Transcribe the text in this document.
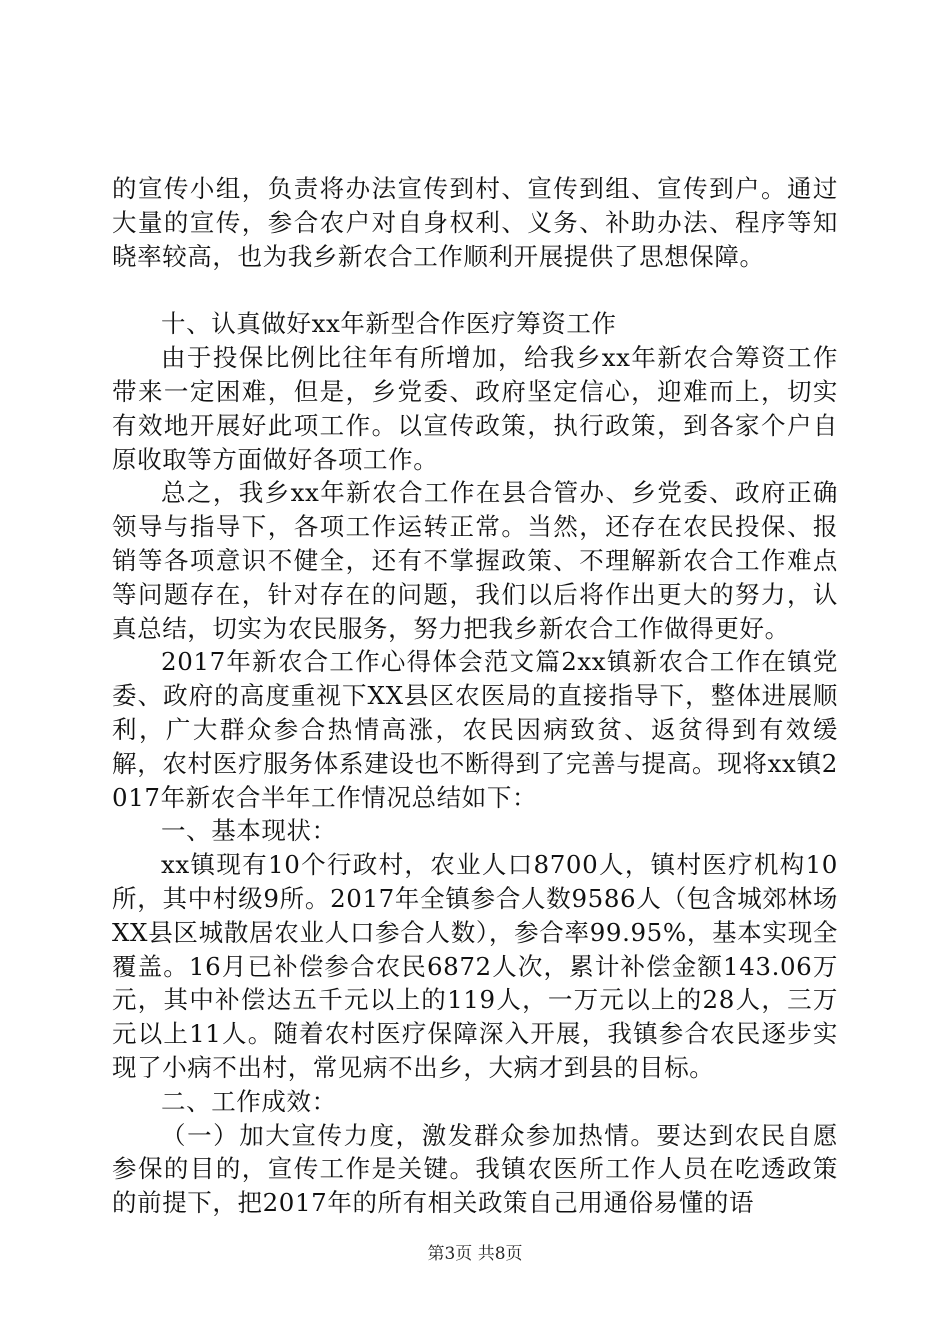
的宣传小组，负责将办法宣传到村、宣传到组、宣传到户。通过大量的宣传，参合农户对自身权利、义务、补助办法、程序等知晓率较高，也为我乡新农合工作顺利开展提供了思想保障。

十、认真做好xx年新型合作医疗筹资工作

由于投保比例比往年有所增加，给我乡xx年新农合筹资工作带来一定困难，但是，乡党委、政府坚定信心，迎难而上，切实有效地开展好此项工作。以宣传政策，执行政策，到各家个户自原收取等方面做好各项工作。

总之，我乡xx年新农合工作在县合管办、乡党委、政府正确领导与指导下，各项工作运转正常。当然，还存在农民投保、报销等各项意识不健全，还有不掌握政策、不理解新农合工作难点等问题存在，针对存在的问题，我们以后将作出更大的努力，认真总结，切实为农民服务，努力把我乡新农合工作做得更好。

2017年新农合工作心得体会范文篇2xx镇新农合工作在镇党委、政府的高度重视下XX县区农医局的直接指导下，整体进展顺利，广大群众参合热情高涨，农民因病致贫、返贫得到有效缓解，农村医疗服务体系建设也不断得到了完善与提高。现将xx镇2017年新农合半年工作情况总结如下：

一、基本现状：

xx镇现有10个行政村，农业人口8700人，镇村医疗机构10所，其中村级9所。2017年全镇参合人数9586人（包含城郊林场XX县区城散居农业人口参合人数），参合率99.95%，基本实现全覆盖。16月已补偿参合农民6872人次，累计补偿金额143.06万元，其中补偿达五千元以上的119人，一万元以上的28人，三万元以上11人。随着农村医疗保障深入开展，我镇参合农民逐步实现了小病不出村，常见病不出乡，大病才到县的目标。

二、工作成效：

（一）加大宣传力度，激发群众参加热情。要达到农民自愿参保的目的，宣传工作是关键。我镇农医所工作人员在吃透政策的前提下，把2017年的所有相关政策自己用通俗易懂的语

第3页 共8页
